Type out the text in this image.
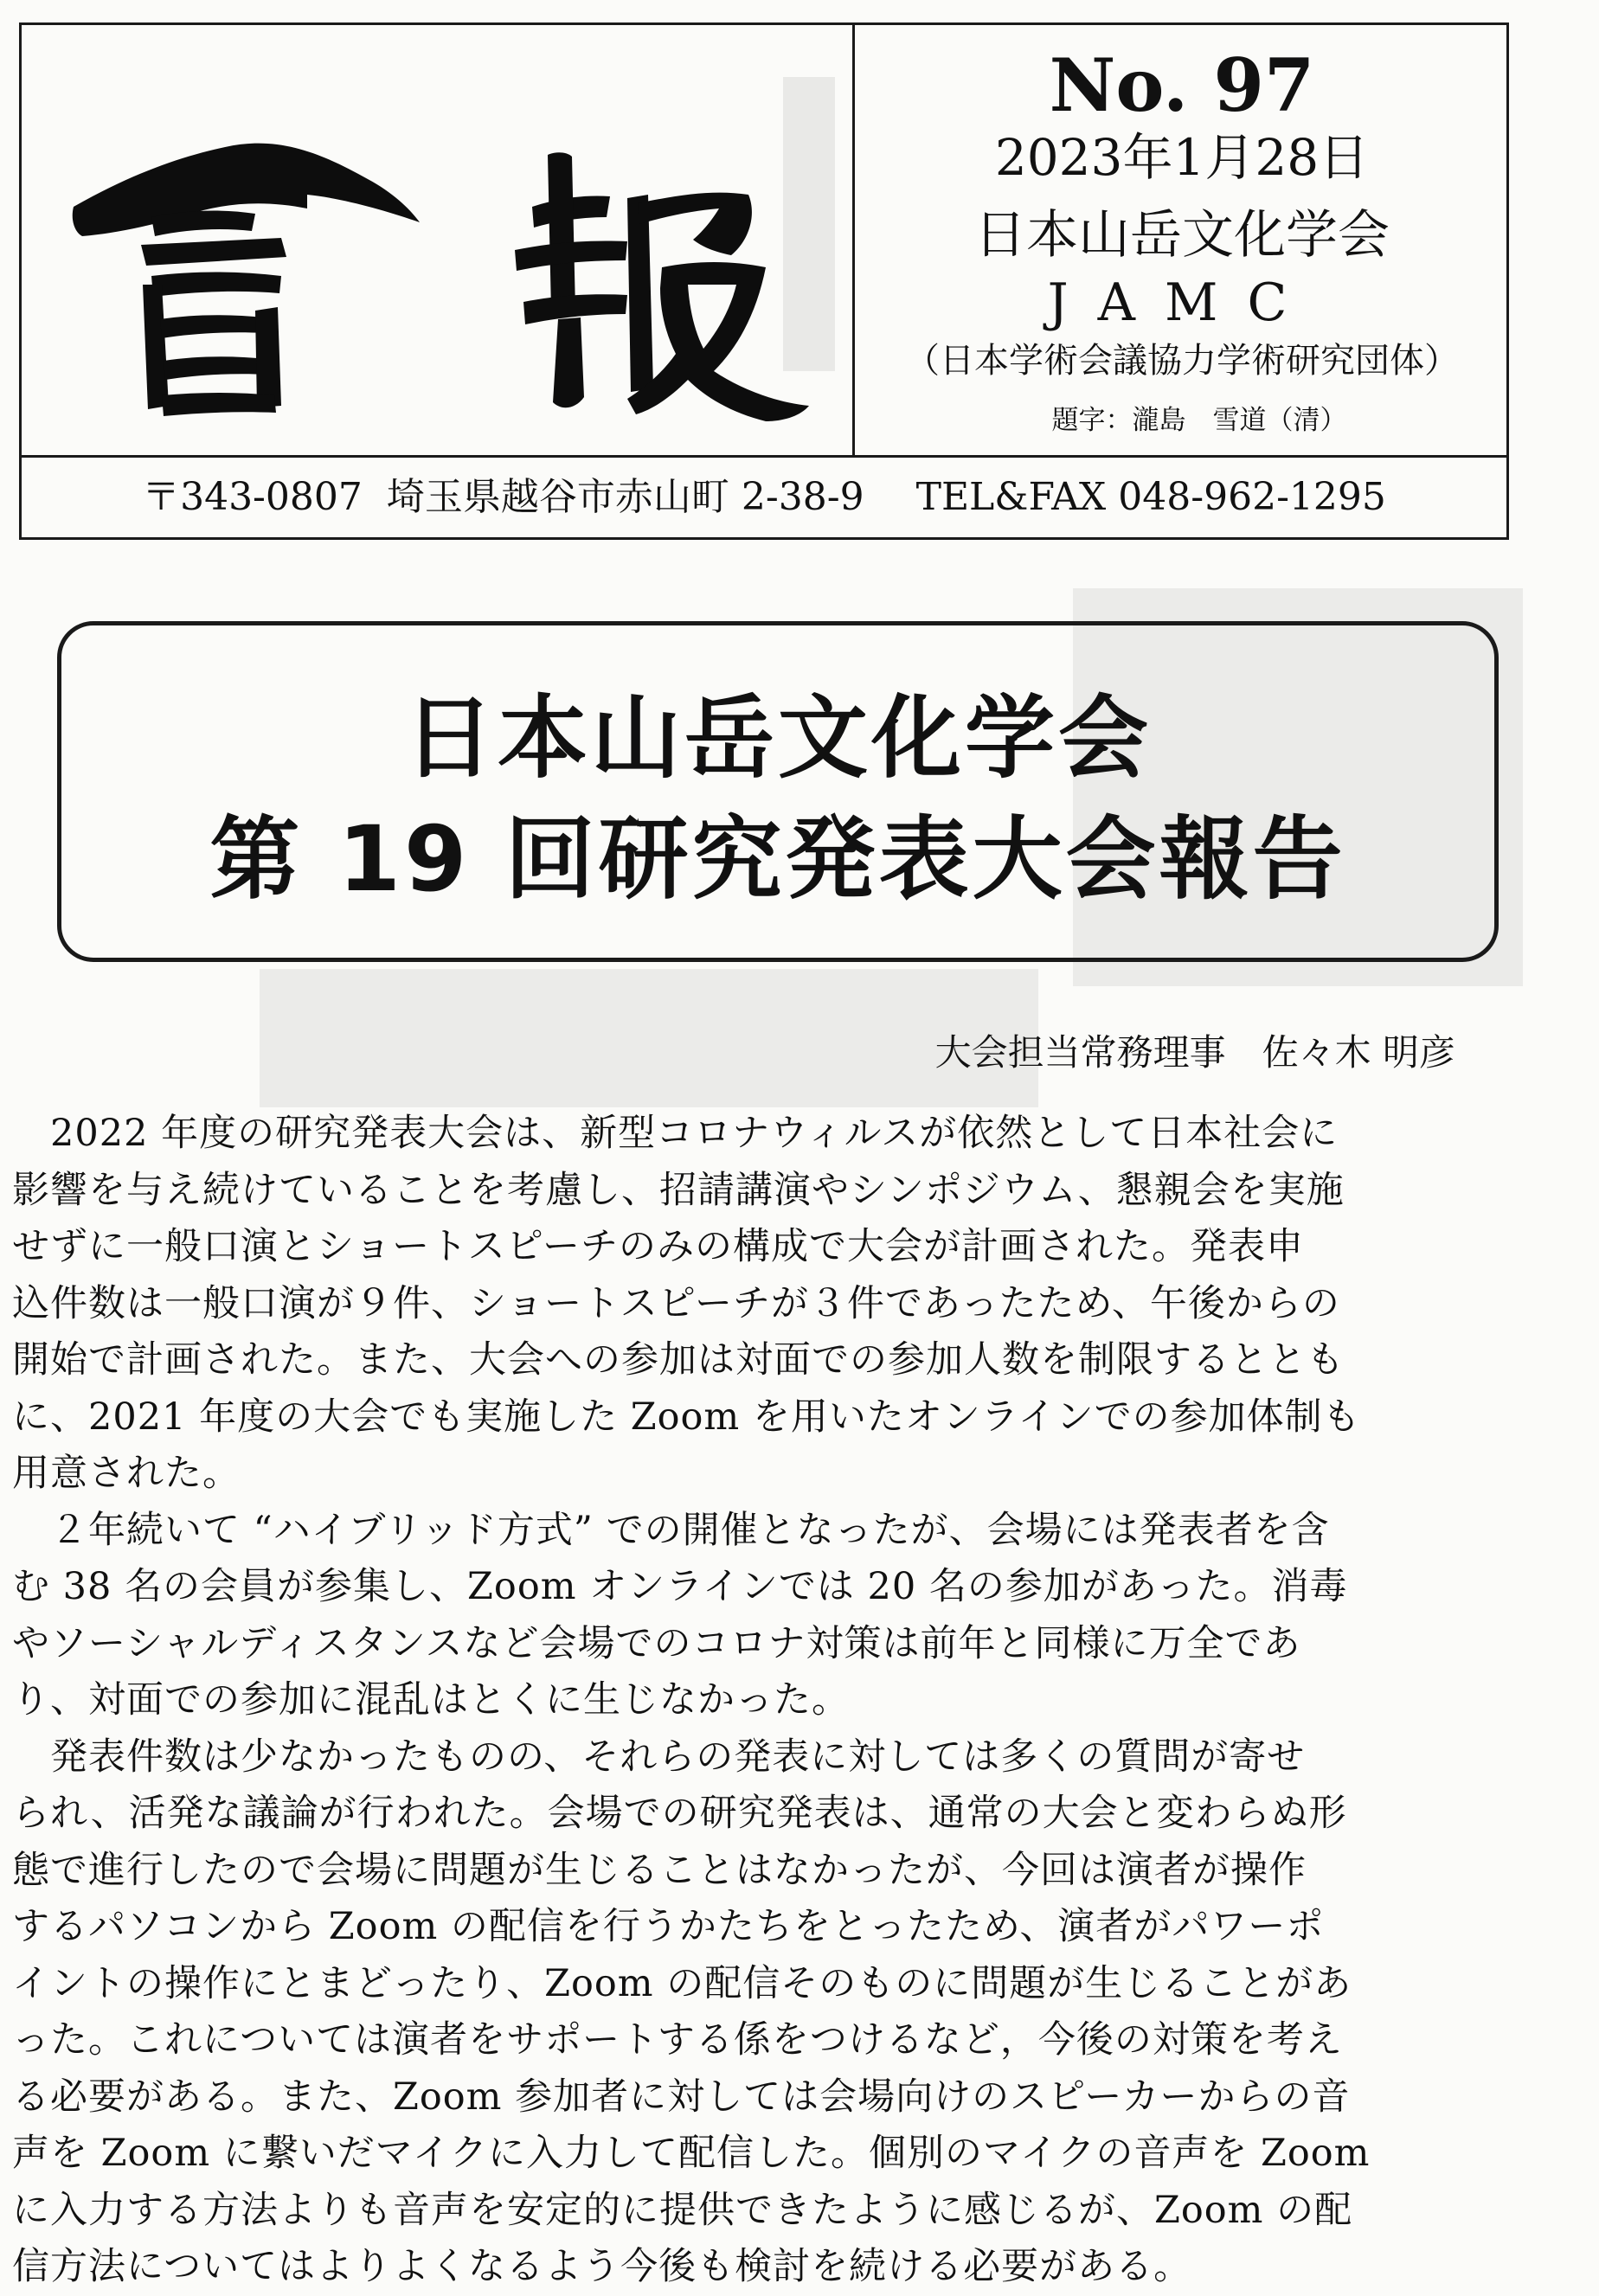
No. 97
2023年1月28日
日本山岳文化学会
JAMC
（日本学術会議協力学術研究団体）
題字：瀧島　雪道（清）
〒343-0807 埼玉県越谷市赤山町 2-38-9 TEL&FAX 048-962-1295
日本山岳文化学会
第 19 回研究発表大会報告
大会担当常務理事　佐々木 明彦
　2022 年度の研究発表大会は、新型コロナウィルスが依然として日本社会に
影響を与え続けていることを考慮し、招請講演やシンポジウム、懇親会を実施
せずに一般口演とショートスピーチのみの構成で大会が計画された。発表申
込件数は一般口演が９件、ショートスピーチが３件であったため、午後からの
開始で計画された。また、大会への参加は対面での参加人数を制限するととも
に、2021 年度の大会でも実施した Zoom を用いたオンラインでの参加体制も
用意された。
　２年続いて “ハイブリッド方式” での開催となったが、会場には発表者を含
む 38 名の会員が参集し、Zoom オンラインでは 20 名の参加があった。消毒
やソーシャルディスタンスなど会場でのコロナ対策は前年と同様に万全であ
り、対面での参加に混乱はとくに生じなかった。
　発表件数は少なかったものの、それらの発表に対しては多くの質問が寄せ
られ、活発な議論が行われた。会場での研究発表は、通常の大会と変わらぬ形
態で進行したので会場に問題が生じることはなかったが、今回は演者が操作
するパソコンから Zoom の配信を行うかたちをとったため、演者がパワーポ
イントの操作にとまどったり、Zoom の配信そのものに問題が生じることがあ
った。これについては演者をサポートする係をつけるなど，今後の対策を考え
る必要がある。また、Zoom 参加者に対しては会場向けのスピーカーからの音
声を Zoom に繋いだマイクに入力して配信した。個別のマイクの音声を Zoom
に入力する方法よりも音声を安定的に提供できたように感じるが、Zoom の配
信方法についてはよりよくなるよう今後も検討を続ける必要がある。
